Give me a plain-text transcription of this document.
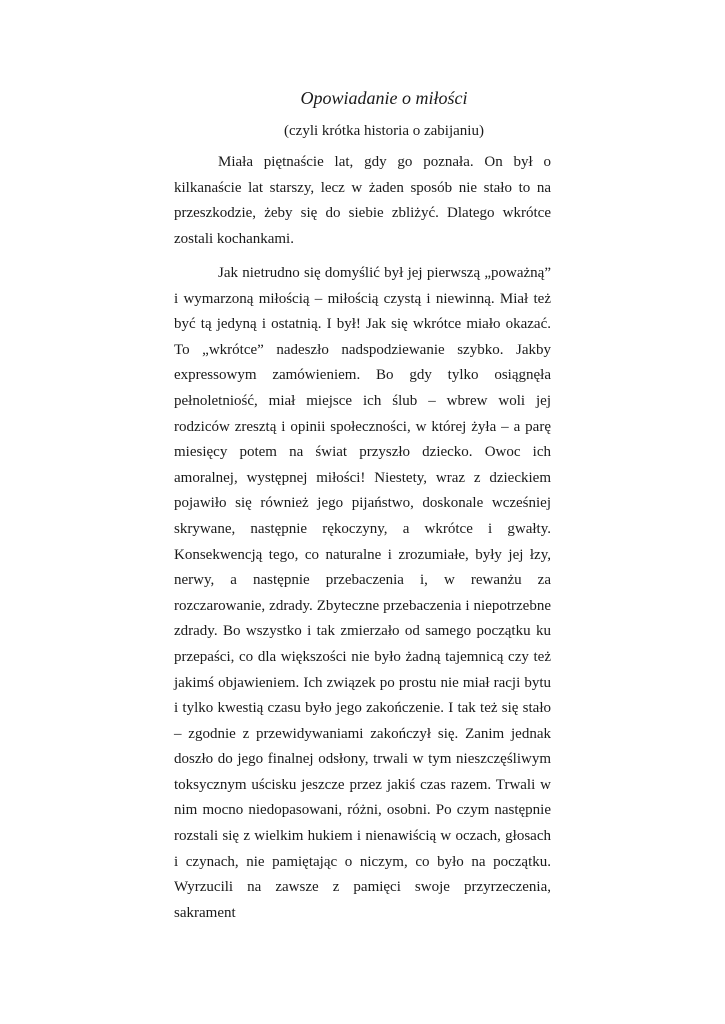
Opowiadanie o miłości

(czyli krótka historia o zabijaniu)

Miała piętnaście lat, gdy go poznała. On był o kilkanaście lat starszy, lecz w żaden sposób nie stało to na przeszkodzie, żeby się do siebie zbliżyć. Dlatego wkrótce zostali kochankami.

Jak nietrudno się domyślić był jej pierwszą „poważną” i wymarzoną miłością – miłością czystą i niewinną. Miał też być tą jedyną i ostatnią. I był! Jak się wkrótce miało okazać. To „wkrótce” nadeszło nadspodziewanie szybko. Jakby expressowym zamówieniem. Bo gdy tylko osiągnęła pełnoletniość, miał miejsce ich ślub – wbrew woli jej rodziców zresztą i opinii społeczności, w której żyła – a parę miesięcy potem na świat przyszło dziecko. Owoc ich amoralnej, występnej miłości! Niestety, wraz z dzieckiem pojawiło się również jego pijaństwo, doskonale wcześniej skrywane, następnie rękoczyny, a wkrótce i gwałty. Konsekwencją tego, co naturalne i zrozumiałe, były jej łzy, nerwy, a następnie przebaczenia i, w rewanżu za rozczarowanie, zdrady. Zbyteczne przebaczenia i niepotrzebne zdrady. Bo wszystko i tak zmierzało od samego początku ku przepaści, co dla większości nie było żadną tajemnicą czy też jakimś objawieniem. Ich związek po prostu nie miał racji bytu i tylko kwestią czasu było jego zakończenie. I tak też się stało – zgodnie z przewidywaniami zakończył się. Zanim jednak doszło do jego finalnej odsłony, trwali w tym nieszczęśliwym toksycznym uścisku jeszcze przez jakiś czas razem. Trwali w nim mocno niedopasowani, różni, osobni. Po czym następnie rozstali się z wielkim hukiem i nienawiścią w oczach, głosach i czynach, nie pamiętając o niczym, co było na początku. Wyrzucili na zawsze z pamięci swoje przyrzeczenia, sakrament
